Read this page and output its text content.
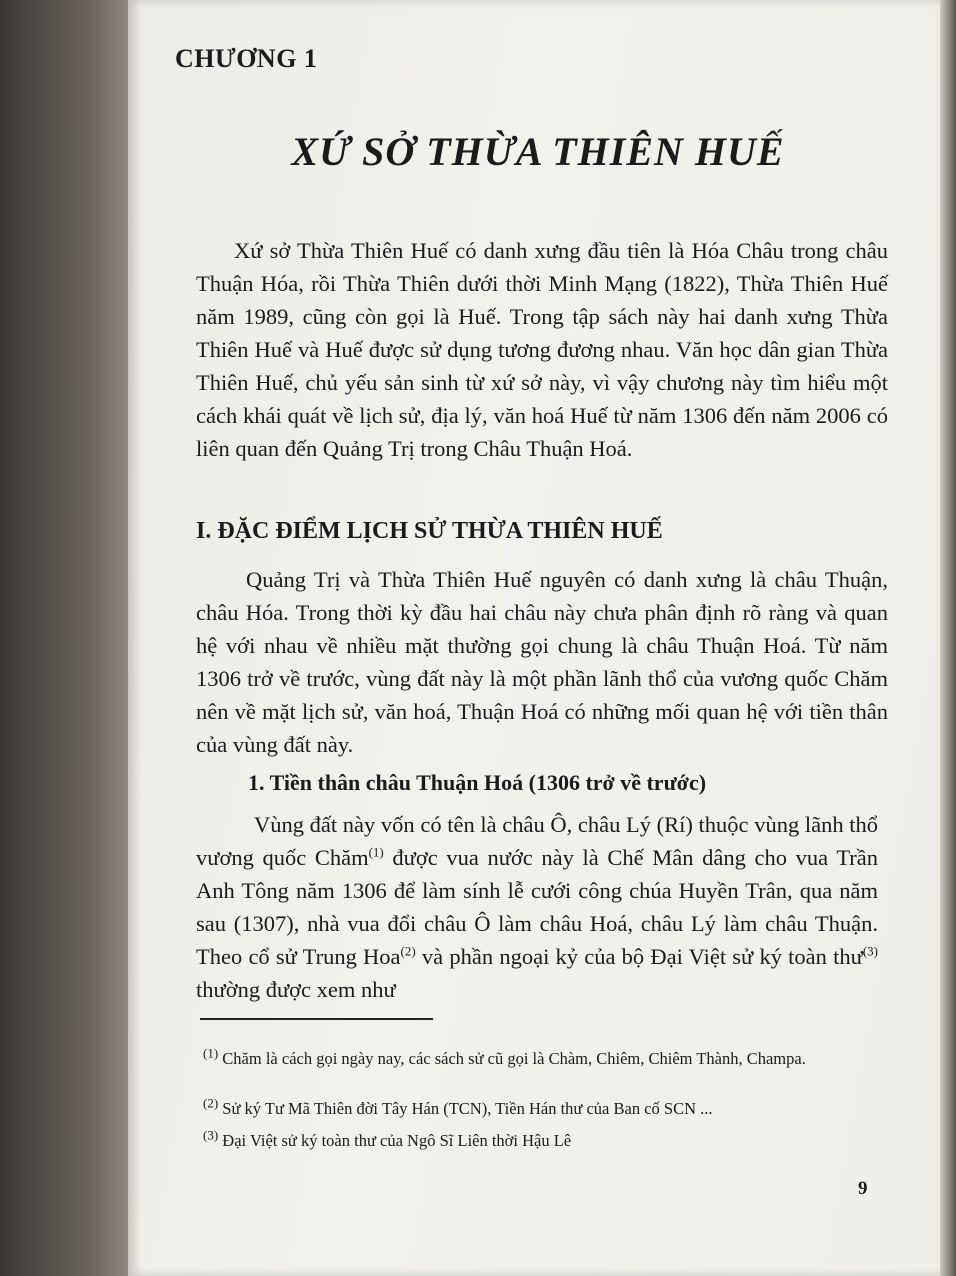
CHƯƠNG 1
XỨ SỞ THỪA THIÊN HUẾ
Xứ sở Thừa Thiên Huế có danh xưng đầu tiên là Hóa Châu trong châu Thuận Hóa, rồi Thừa Thiên dưới thời Minh Mạng (1822), Thừa Thiên Huế năm 1989, cũng còn gọi là Huế. Trong tập sách này hai danh xưng Thừa Thiên Huế và Huế được sử dụng tương đương nhau. Văn học dân gian Thừa Thiên Huế, chủ yếu sản sinh từ xứ sở này, vì vậy chương này tìm hiểu một cách khái quát về lịch sử, địa lý, văn hoá Huế từ năm 1306 đến năm 2006 có liên quan đến Quảng Trị trong Châu Thuận Hoá.
I. ĐẶC ĐIỂM LỊCH SỬ THỪA THIÊN HUẾ
Quảng Trị và Thừa Thiên Huế nguyên có danh xưng là châu Thuận, châu Hóa. Trong thời kỳ đầu hai châu này chưa phân định rõ ràng và quan hệ với nhau về nhiều mặt thường gọi chung là châu Thuận Hoá. Từ năm 1306 trở về trước, vùng đất này là một phần lãnh thổ của vương quốc Chăm nên về mặt lịch sử, văn hoá, Thuận Hoá có những mối quan hệ với tiền thân của vùng đất này.
1. Tiền thân châu Thuận Hoá (1306 trở về trước)
Vùng đất này vốn có tên là châu Ô, châu Lý (Rí) thuộc vùng lãnh thổ vương quốc Chăm$^{(1)}$ được vua nước này là Chế Mân dâng cho vua Trần Anh Tông năm 1306 để làm sính lễ cưới công chúa Huyền Trân, qua năm sau (1307), nhà vua đổi châu Ô làm châu Hoá, châu Lý làm châu Thuận. Theo cổ sử Trung Hoa$^{(2)}$ và phần ngoại kỷ của bộ Đại Việt sử ký toàn thư$^{(3)}$ thường được xem như
$^{(1)}$ Chăm là cách gọi ngày nay, các sách sử cũ gọi là Chàm, Chiêm, Chiêm Thành, Champa.
$^{(2)}$ Sử ký Tư Mã Thiên đời Tây Hán (TCN), Tiền Hán thư của Ban cố SCN ...
$^{(3)}$ Đại Việt sử ký toàn thư của Ngô Sĩ Liên thời Hậu Lê
9
